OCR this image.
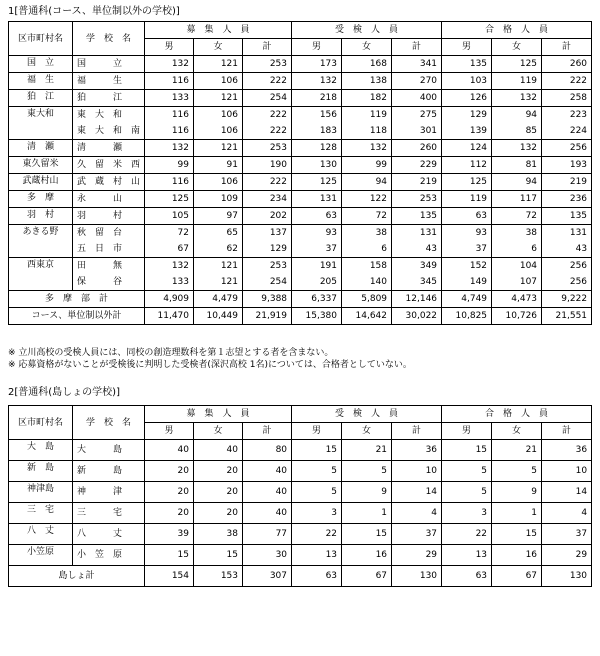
1[普通科(コース、単位制以外の学校)]
区市町村名	学　校　名	募　集　人　員			受　検　人　員			合　格　人　員		
		男	女	計	男	女	計	男	女	計
国　立	国　　　立	132	121	253	173	168	341	135	125	260
福　生	福　　　生	116	106	222	132	138	270	103	119	222
狛　江	狛　　　江	133	121	254	218	182	400	126	132	258
東大和	東　大　和	116	106	222	156	119	275	129	94	223
	東　大　和　南	116	106	222	183	118	301	139	85	224
清　瀬	清　　　瀬	132	121	253	128	132	260	124	132	256
東久留米	久　留　米　西	99	91	190	130	99	229	112	81	193
武蔵村山	武　蔵　村　山	116	106	222	125	94	219	125	94	219
多　摩	永　　　山	125	109	234	131	122	253	119	117	236
羽　村	羽　　　村	105	97	202	63	72	135	63	72	135
あきる野	秋　留　台	72	65	137	93	38	131	93	38	131
	五　日　市	67	62	129	37	6	43	37	6	43
西東京	田　　　無	132	121	253	191	158	349	152	104	256
	保　　　谷	133	121	254	205	140	345	149	107	256
多　摩　部　計		4,909	4,479	9,388	6,337	5,809	12,146	4,749	4,473	9,222
コース、単位制以外計		11,470	10,449	21,919	15,380	14,642	30,022	10,825	10,726	21,551
※ 立川高校の受検人員には、同校の創造理数科を第１志望とする者を含まない。
※ 応募資格がないことが受検後に判明した受検者(深沢高校 1名)については、合格者としていない。
2[普通科(島しょの学校)]
区市町村名	学　校　名	募　集　人　員			受　検　人　員			合　格　人　員		
		男	女	計	男	女	計	男	女	計
大　島	大　　　島	40	40	80	15	21	36	15	21	36
新　島	新　　　島	20	20	40	5	5	10	5	5	10
神津島	神　　　津	20	20	40	5	9	14	5	9	14
三　宅	三　　　宅	20	20	40	3	1	4	3	1	4
八　丈	八　　　丈	39	38	77	22	15	37	22	15	37
小笠原	小　笠　原	15	15	30	13	16	29	13	16	29
島しょ計		154	153	307	63	67	130	63	67	130
